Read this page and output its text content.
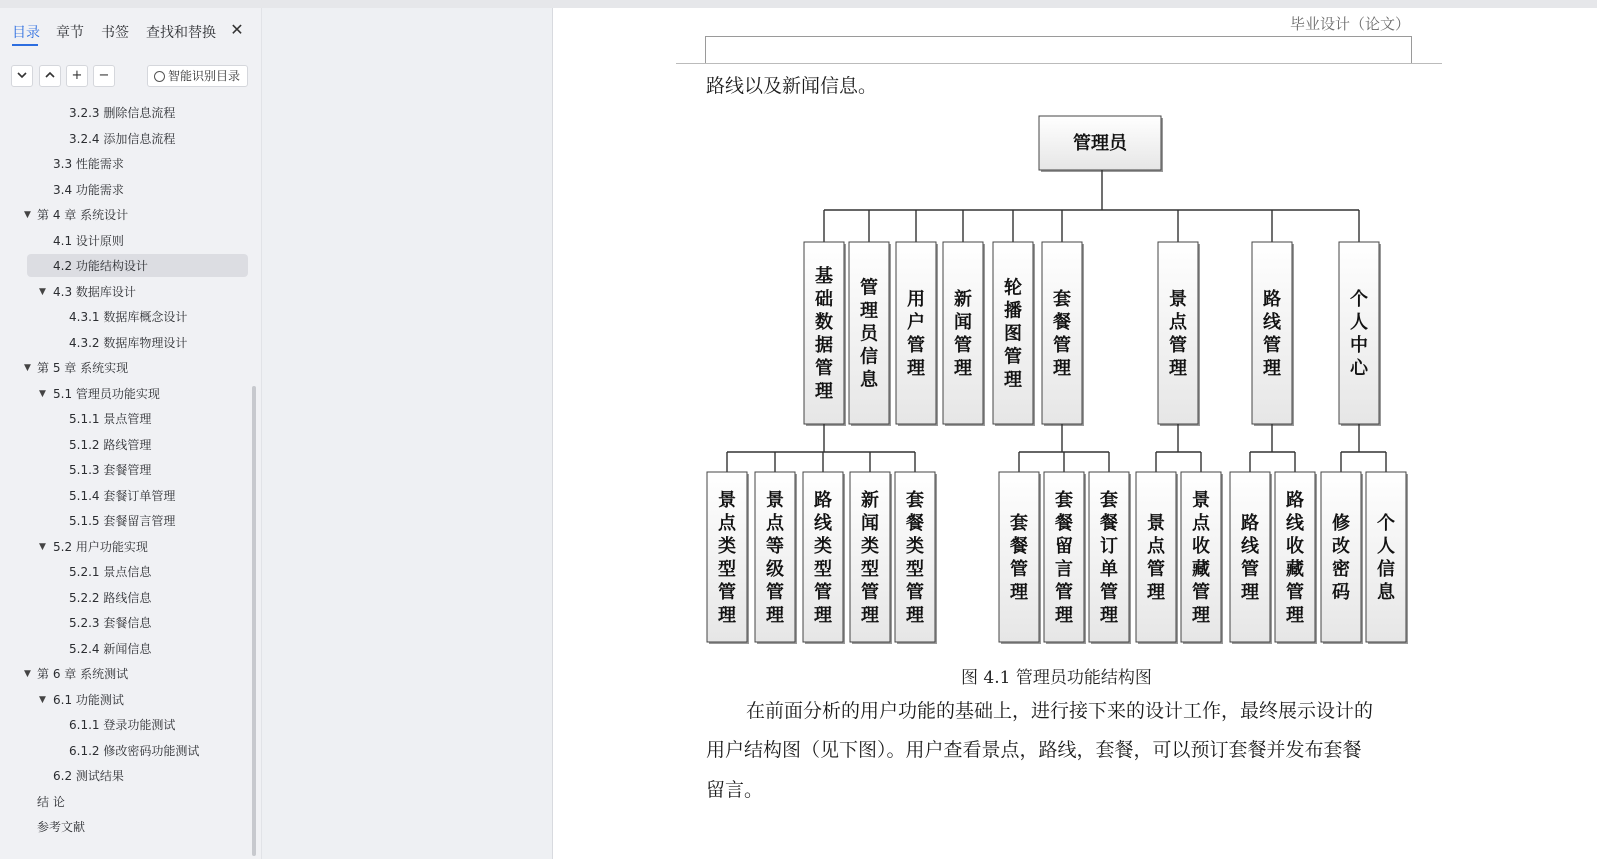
目录 章节 书签 查找和替换 ✕
+	−	智能识别目录
3.2.3 删除信息流程
3.2.4 添加信息流程
3.3 性能需求
3.4 功能需求
▼ 第 4 章 系统设计
4.1 设计原则
4.2 功能结构设计
▼ 4.3 数据库设计
4.3.1 数据库概念设计
4.3.2 数据库物理设计
▼ 第 5 章 系统实现
▼ 5.1 管理员功能实现
5.1.1 景点管理
5.1.2 路线管理
5.1.3 套餐管理
5.1.4 套餐订单管理
5.1.5 套餐留言管理
▼ 5.2 用户功能实现
5.2.1 景点信息
5.2.2 路线信息
5.2.3 套餐信息
5.2.4 新闻信息
▼ 第 6 章 系统测试
▼ 6.1 功能测试
6.1.1 登录功能测试
6.1.2 修改密码功能测试
6.2 测试结果
结 论
参考文献
毕业设计（论文）
路线以及新闻信息。
管理员
基础数据管理
管理员信息
用户管理
新闻管理
轮播图管理
套餐管理
景点管理
路线管理
个人中心
景点类型管理
景点等级管理
路线类型管理
新闻类型管理
套餐类型管理
套餐管理
套餐留言管理
套餐订单管理
景点管理
景点收藏管理
路线管理
路线收藏管理
修改密码
个人信息
图 4.1 管理员功能结构图
在前面分析的用户功能的基础上，进行接下来的设计工作，最终展示设计的
用户结构图（见下图）。用户查看景点，路线，套餐，可以预订套餐并发布套餐
留言。
